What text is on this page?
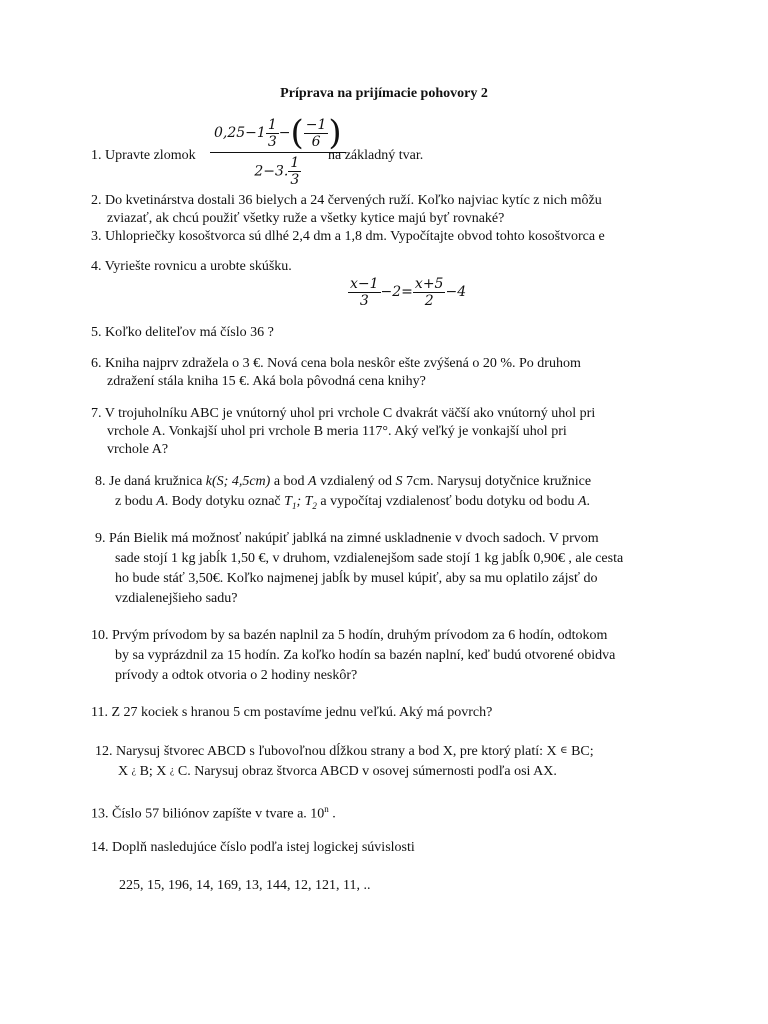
Príprava na prijímacie pohovory 2
1. Upravte zlomok $\frac{0,25-1 \frac{1}{3} -( \frac{-1}{6} )}{2-3. \frac{1}{3}}$
na základný tvar.
2. Do kvetinárstva dostali 36 bielych a 24 červených ruží. Koľko najviac kytíc z nich môžu
zviazať, ak chcú použiť všetky ruže a všetky kytice majú byť rovnaké?
3. Uhlopriečky kosoštvorca sú dlhé 2,4 dm a 1,8 dm. Vypočítajte obvod tohto kosoštvorca e
4. Vyriešte rovnicu a urobte skúšku.
$\frac{x-1}{3} -2= \frac{x+5}{2} -4$
5. Koľko deliteľov má číslo 36 ?
6. Kniha najprv zdražela o 3 €. Nová cena bola neskôr ešte zvýšená o 20 %. Po druhom
zdražení stála kniha 15 €. Aká bola pôvodná cena knihy?
7. V trojuholníku ABC je vnútorný uhol pri vrchole C dvakrát väčší ako vnútorný uhol pri
vrchole A. Vonkajší uhol pri vrchole B meria 117°. Aký veľký je vonkajší uhol pri
vrchole A?
8. Je daná kružnica k(S; 4,5cm) a bod A vzdialený od S 7cm. Narysuj dotyčnice kružnice
z bodu A. Body dotyku označ $T_1$; $T_2$ a vypočítaj vzdialenosť bodu dotyku od bodu A.
9. Pán Bielik má možnosť nakúpiť jablká na zimné uskladnenie v dvoch sadoch. V prvom
sade stojí 1 kg jabĺk 1,50 €, v druhom, vzdialenejšom sade stojí 1 kg jabĺk 0,90€ , ale cesta
ho bude stáť 3,50€. Koľko najmenej jabĺk by musel kúpiť, aby sa mu oplatilo zájsť do
vzdialenejšieho sadu?
10. Prvým prívodom by sa bazén naplnil za 5 hodín, druhým prívodom za 6 hodín, odtokom
by sa vyprázdnil za 15 hodín. Za koľko hodín sa bazén naplní, keď budú otvorené obidva
prívody a odtok otvoria o 2 hodiny neskôr?
11. Z 27 kociek s hranou 5 cm postavíme jednu veľkú. Aký má povrch?
12. Narysuj štvorec ABCD s ľubovoľnou dĺžkou strany a bod X, pre ktorý platí: X ∈ BC;
X ¿ B; X ¿ C. Narysuj obraz štvorca ABCD v osovej súmernosti podľa osi AX.
13. Číslo 57 biliónov zapíšte v tvare a. 10$^n$ .
14. Doplň nasledujúce číslo podľa istej logickej súvislosti
225, 15, 196, 14, 169, 13, 144, 12, 121, 11, ..
